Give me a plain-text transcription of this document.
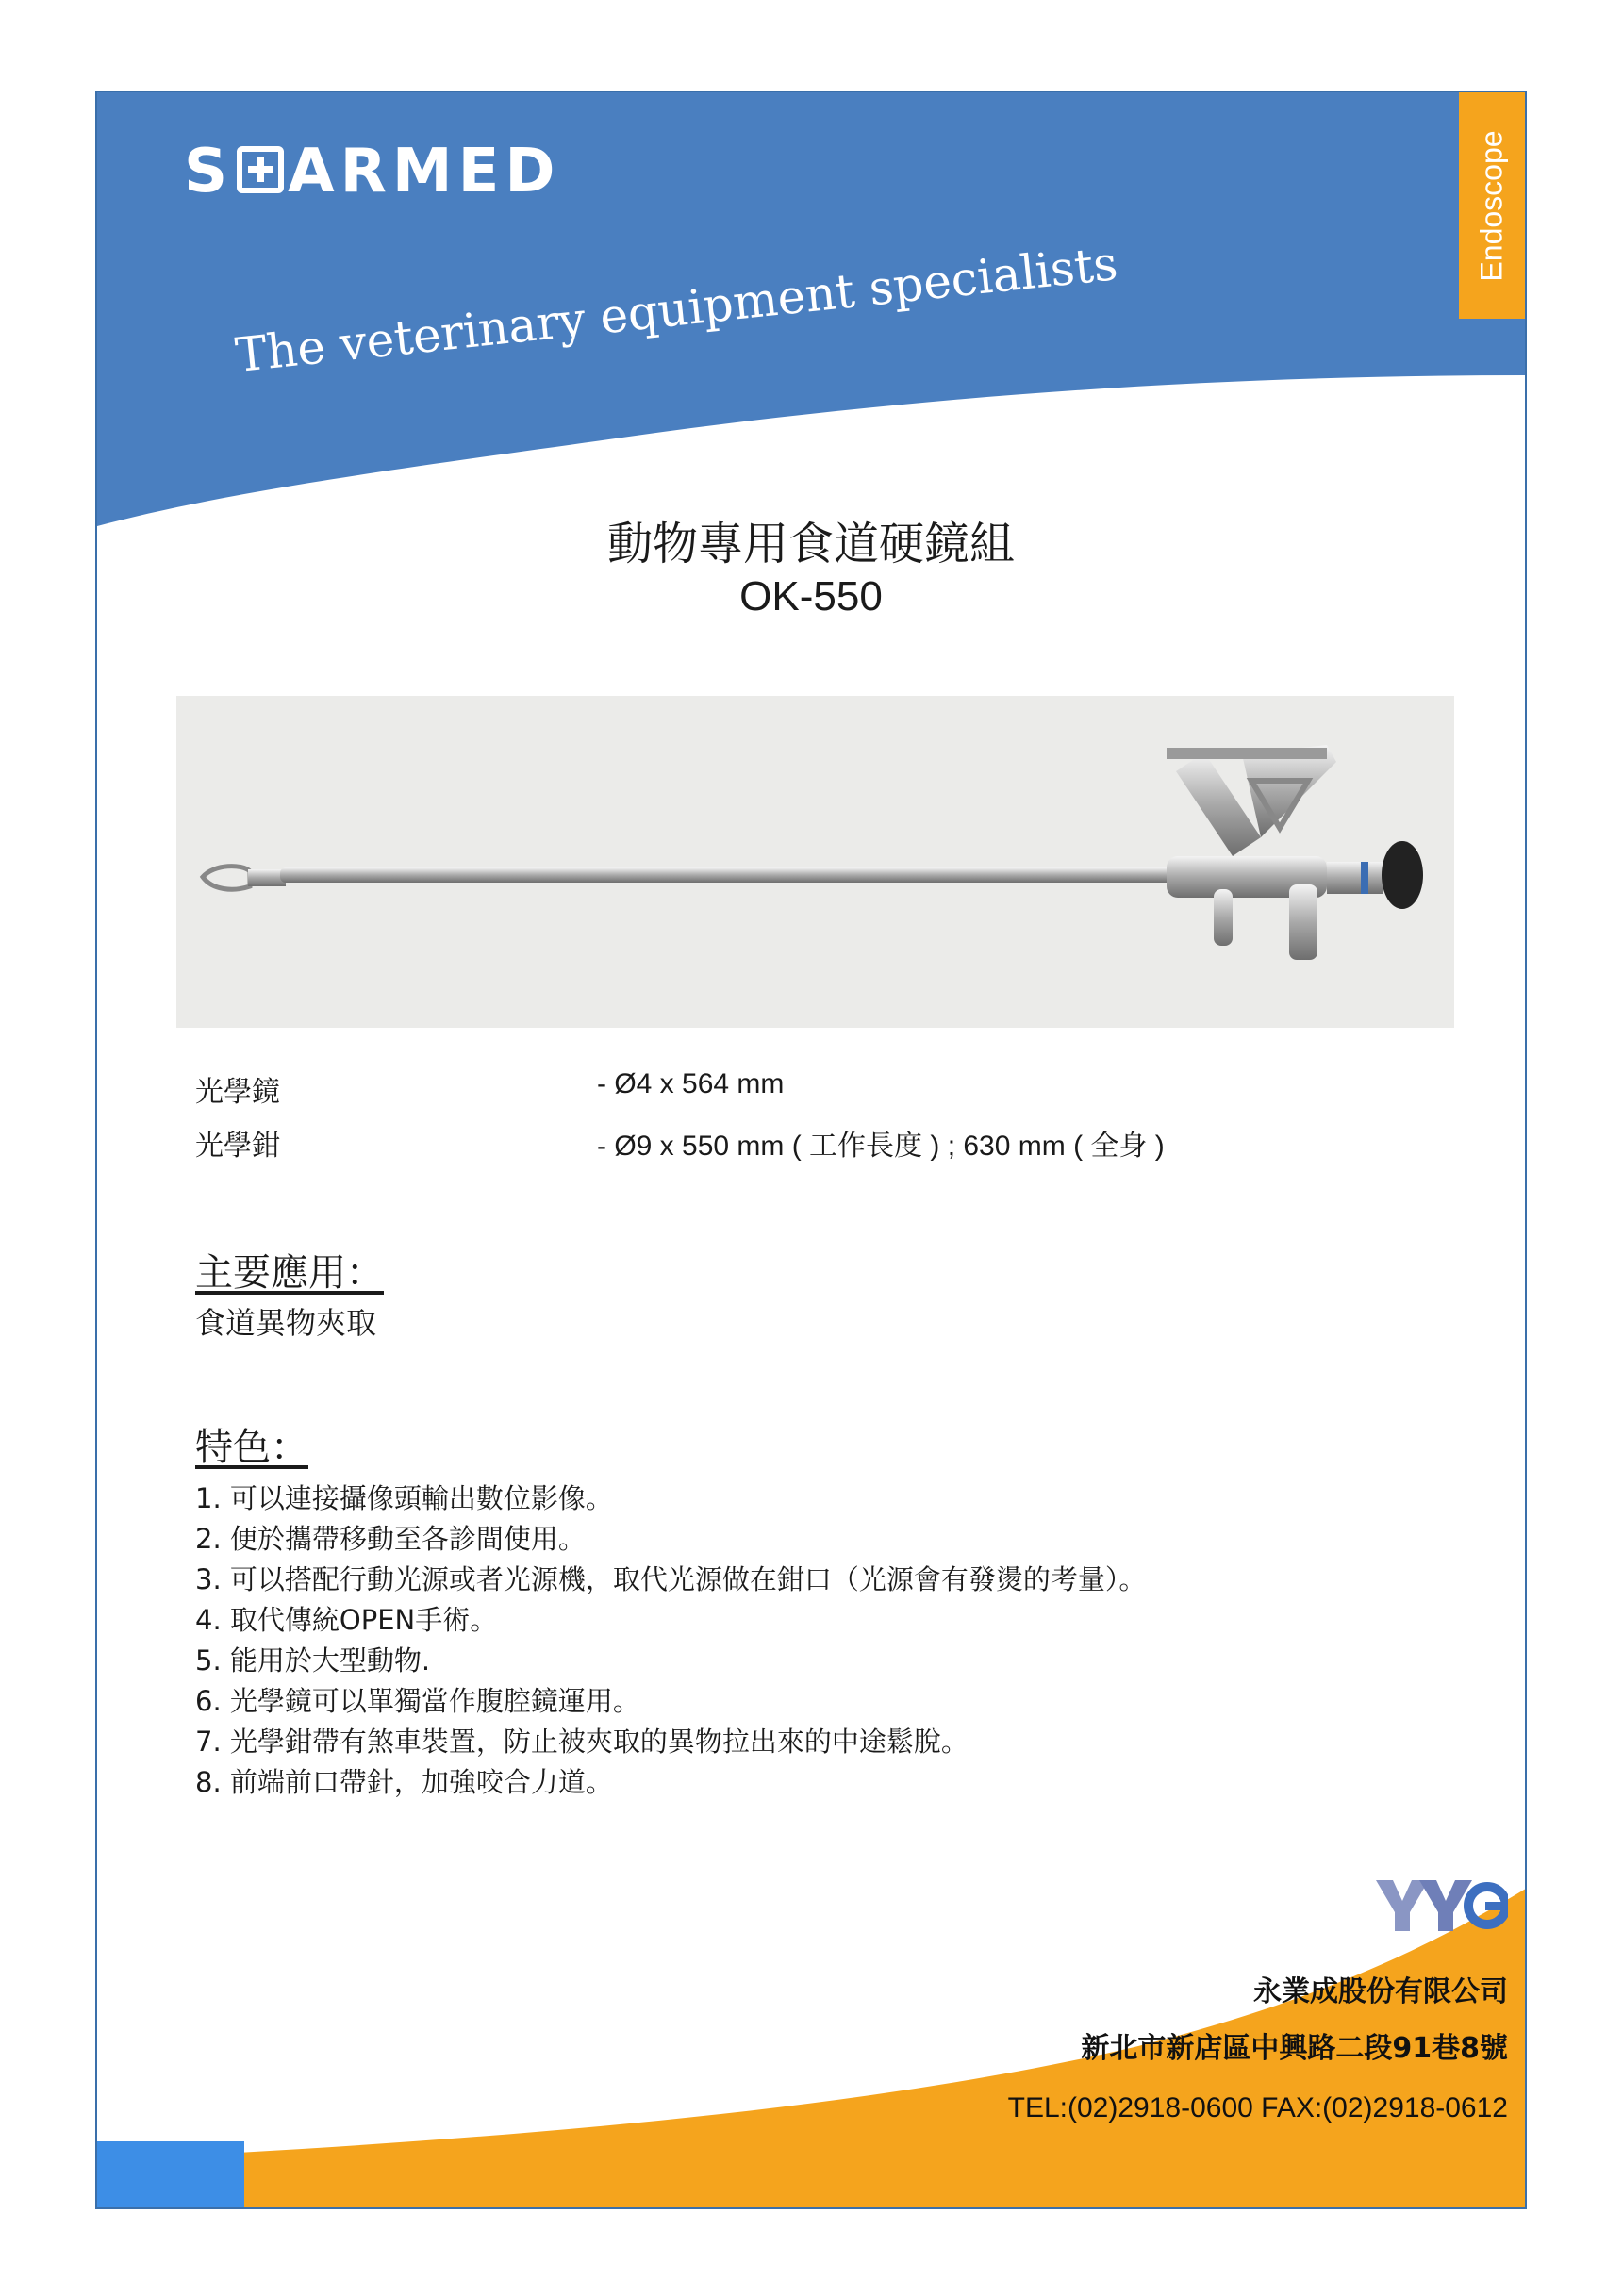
S ARMED
The veterinary equipment specialists
Endoscope
動物專用食道硬鏡組
OK-550
光學鏡	- Ø4 x 564 mm
光學鉗	- Ø9 x 550 mm ( 工作長度 ) ; 630 mm ( 全身 )
主要應用：
食道異物夾取
特色：
1. 可以連接攝像頭輸出數位影像。
2. 便於攜帶移動至各診間使用。
3. 可以搭配行動光源或者光源機，取代光源做在鉗口（光源會有發燙的考量）。
4. 取代傳統OPEN手術。
5. 能用於大型動物.
6. 光學鏡可以單獨當作腹腔鏡運用。
7. 光學鉗帶有煞車裝置，防止被夾取的異物拉出來的中途鬆脫。
8. 前端前口帶針，加強咬合力道。
永業成股份有限公司
新北市新店區中興路二段91巷8號
TEL:(02)2918-0600 FAX:(02)2918-0612
